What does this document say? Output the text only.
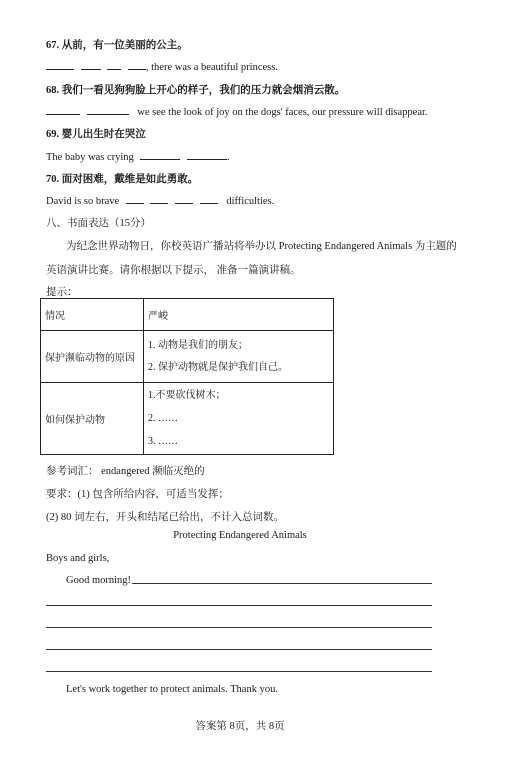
67. 从前，有一位美丽的公主。
, there was a beautiful princess.
68. 我们一看见狗狗脸上开心的样子，我们的压力就会烟消云散。
we see the look of joy on the dogs' faces, our pressure will disappear.
69. 婴儿出生时在哭泣
The baby was crying	.
70. 面对困难，戴维是如此勇敢。
David is so brave	difficulties.
八、书面表达（15分）
为纪念世界动物日，你校英语广播站将举办以 Protecting Endangered Animals 为主题的
英语演讲比赛。请你根据以下提示， 准备一篇演讲稿。
提示：
情况	严峻
保护濒临动物的原因	1. 动物是我们的朋友；
2. 保护动物就是保护我们自己。

如何保护动物	1.不要砍伐树木；
2. ……
3. ……
参考词汇： endangered 濒临灭绝的
要求：(1) 包含所给内容，可适当发挥；
(2) 80 词左右，开头和结尾已给出，不计入总词数。
Protecting Endangered Animals
Boys and girls,
Good morning!
Let's work together to protect animals. Thank you.
答案第 8页，共 8页
